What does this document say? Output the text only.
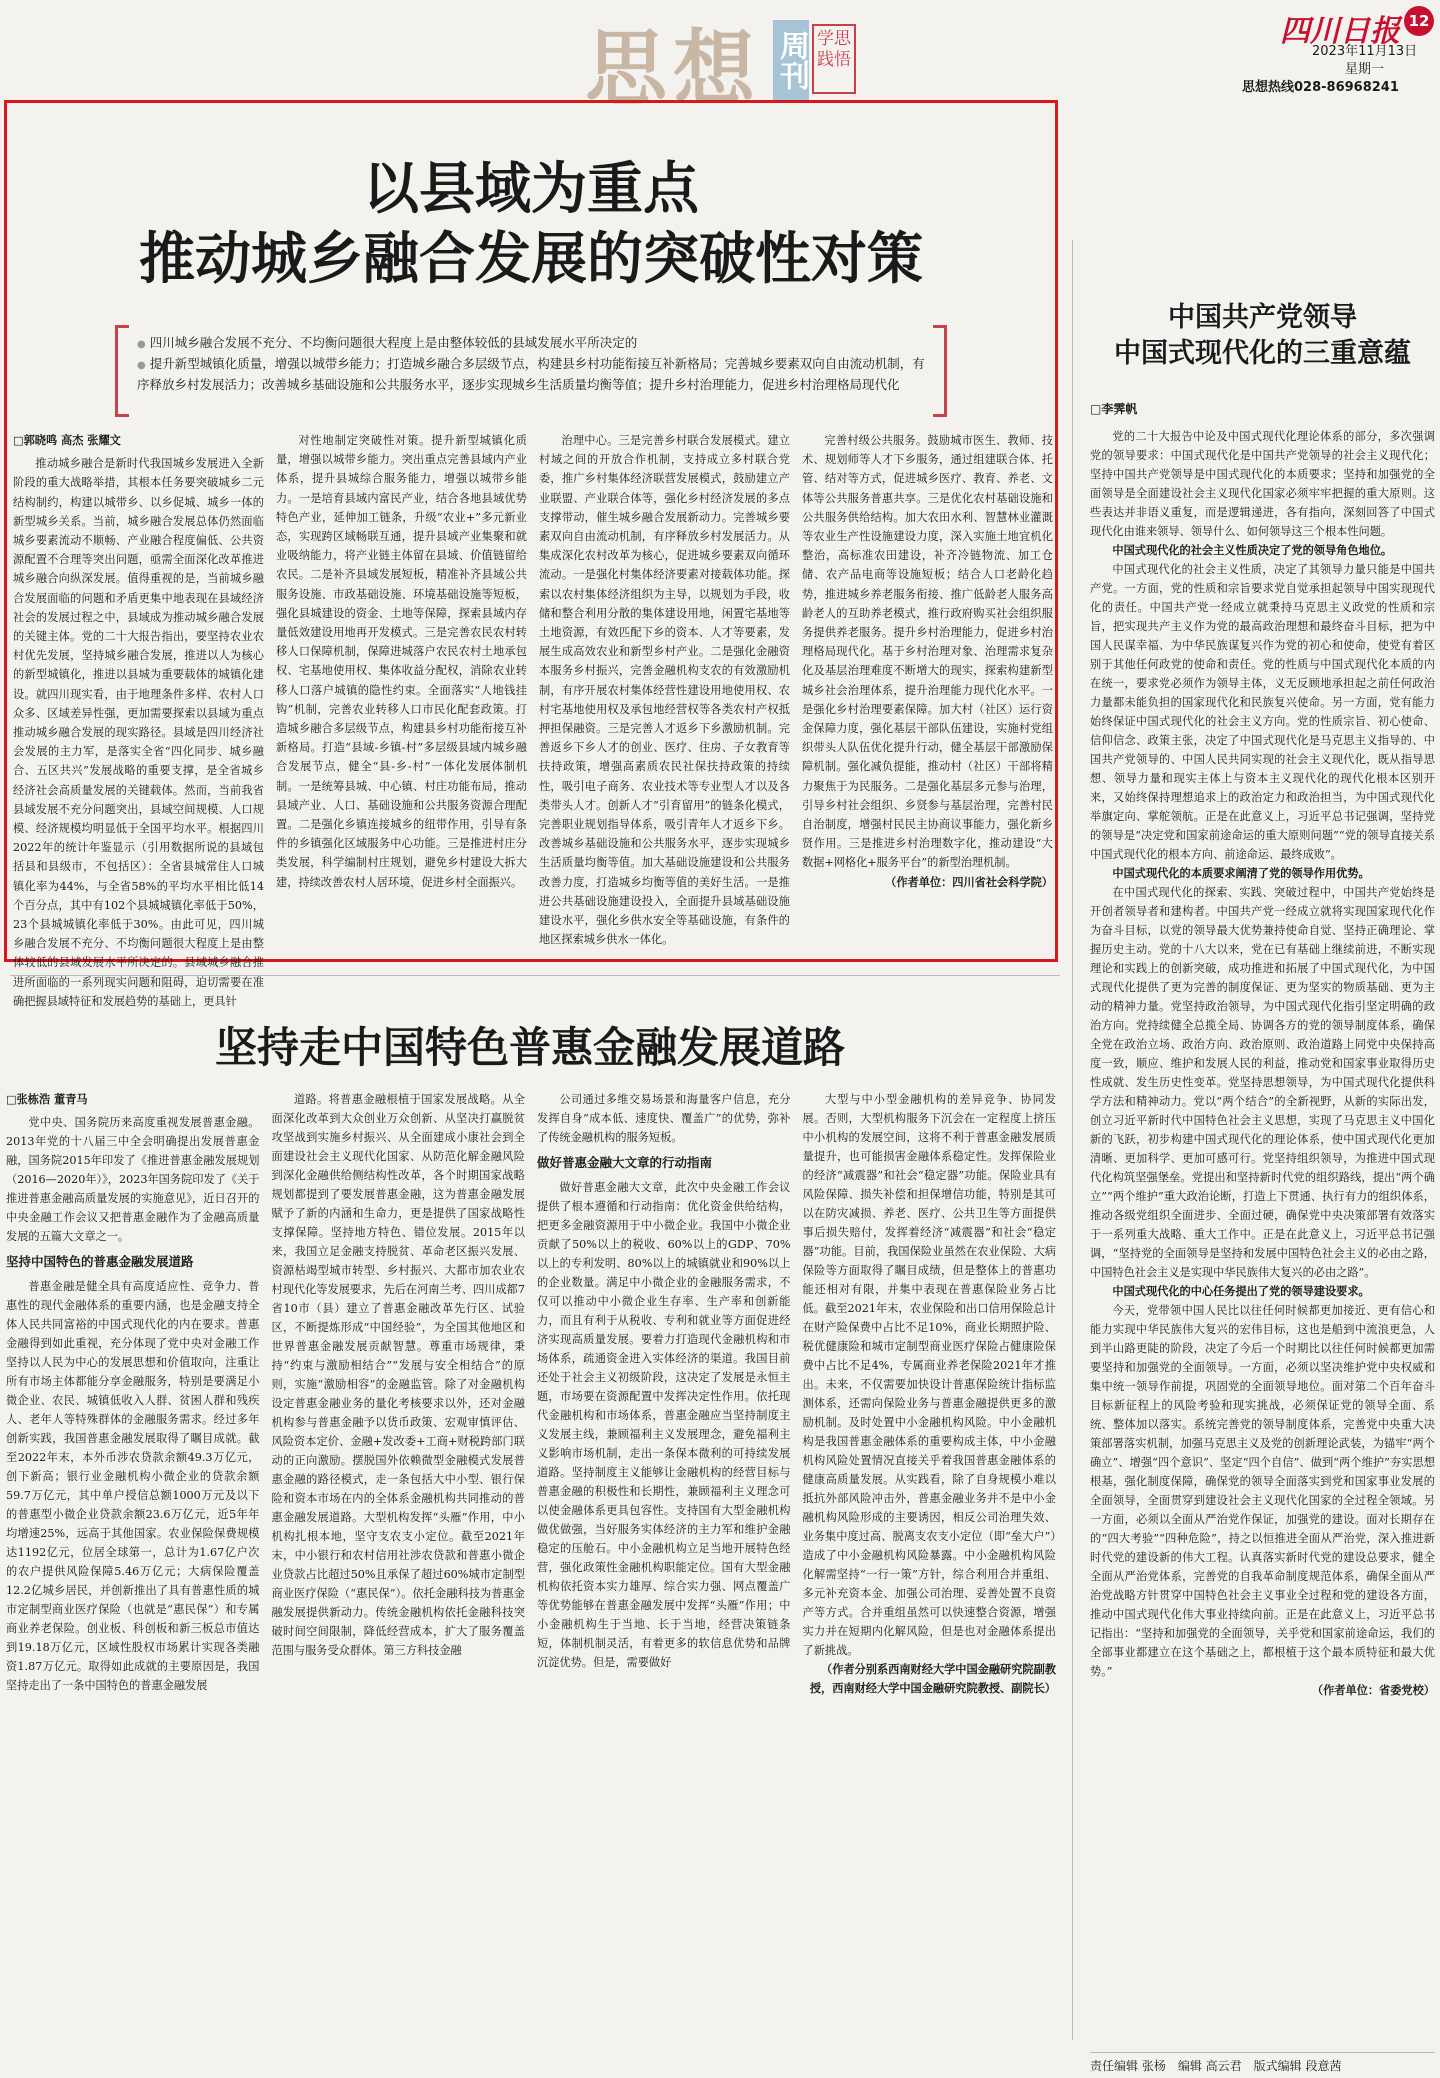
思想 周刊 学思践悟
四川日报 12
2023年11月13日
星期一
思想热线028-86968241
以县域为重点
推动城乡融合发展的突破性对策

● 四川城乡融合发展不充分、不均衡问题很大程度上是由整体较低的县域发展水平所决定的

● 提升新型城镇化质量，增强以城带乡能力；打造城乡融合多层级节点，构建县乡村功能衔接互补新格局；完善城乡要素双向自由流动机制，有序释放乡村发展活力；改善城乡基础设施和公共服务水平，逐步实现城乡生活质量均衡等值；提升乡村治理能力，促进乡村治理格局现代化

□郭晓鸣 高杰 张耀文

推动城乡融合是新时代我国城乡发展进入全新阶段的重大战略举措，其根本任务要突破城乡二元结构制约，构建以城带乡、以乡促城、城乡一体的新型城乡关系。当前，城乡融合发展总体仍然面临城乡要素流动不顺畅、产业融合程度偏低、公共资源配置不合理等突出问题，亟需全面深化改革推进城乡融合向纵深发展。值得重视的是，当前城乡融合发展面临的问题和矛盾更集中地表现在县域经济社会的发展过程之中，县域成为推动城乡融合发展的关键主体。党的二十大报告指出，要坚持农业农村优先发展，坚持城乡融合发展，推进以人为核心的新型城镇化，推进以县城为重要载体的城镇化建设。就四川现实看，由于地理条件多样、农村人口众多、区域差异性强，更加需要探索以县域为重点推动城乡融合发展的现实路径。县域是四川经济社会发展的主力军，是落实全省“四化同步、城乡融合、五区共兴”发展战略的重要支撑，是全省城乡经济社会高质量发展的关键载体。然而，当前我省县域发展不充分问题突出，县域空间规模、人口规模、经济规模均明显低于全国平均水平。根据四川2022年的统计年鉴显示（引用数据所说的县域包括县和县级市，不包括区）：全省县城常住人口城镇化率为44%，与全省58%的平均水平相比低14个百分点，其中有102个县城城镇化率低于50%，23个县城城镇化率低于30%。由此可见，四川城乡融合发展不充分、不均衡问题很大程度上是由整体较低的县域发展水平所决定的。县域城乡融合推进所面临的一系列现实问题和阻碍，迫切需要在准确把握县域特征和发展趋势的基础上，更具针

对性地制定突破性对策。提升新型城镇化质量，增强以城带乡能力。突出重点完善县域内产业体系，提升县城综合服务能力，增强以城带乡能力。一是培育县域内富民产业，结合各地县域优势特色产业，延伸加工链条，升级“农业+”多元新业态，实现跨区域畅联互通，提升县域产业集聚和就业吸纳能力，将产业链主体留在县域、价值链留给农民。二是补齐县域发展短板，精准补齐县域公共服务设施、市政基础设施、环境基础设施等短板，强化县城建设的资金、土地等保障，探索县域内存量低效建设用地再开发模式。三是完善农民农村转移人口保障机制，保障进城落户农民农村土地承包权、宅基地使用权、集体收益分配权，消除农业转移人口落户城镇的隐性约束。全面落实“人地钱挂钩”机制，完善农业转移人口市民化配套政策。打造城乡融合多层级节点，构建县乡村功能衔接互补新格局。打造“县域-乡镇-村”多层级县域内城乡融合发展节点，健全“县-乡-村”一体化发展体制机制。一是统筹县城、中心镇、村庄功能布局，推动县域产业、人口、基础设施和公共服务资源合理配置。二是强化乡镇连接城乡的纽带作用，引导有条件的乡镇强化区域服务中心功能。三是推进村庄分类发展，科学编制村庄规划，避免乡村建设大拆大建，持续改善农村人居环境，促进乡村全面振兴。

治理中心。三是完善乡村联合发展模式。建立村域之间的开放合作机制，支持成立多村联合党委，推广乡村集体经济联营发展模式，鼓励建立产业联盟、产业联合体等，强化乡村经济发展的多点支撑带动，催生城乡融合发展新动力。完善城乡要素双向自由流动机制，有序释放乡村发展活力。从集成深化农村改革为核心，促进城乡要素双向循环流动。一是强化村集体经济要素对接载体功能。探索以农村集体经济组织为主导，以规划为手段，收储和整合利用分散的集体建设用地，闲置宅基地等土地资源，有效匹配下乡的资本、人才等要素，发展生成高效农业和新型乡村产业。二是强化金融资本服务乡村振兴，完善金融机构支农的有效激励机制，有序开展农村集体经营性建设用地使用权、农村宅基地使用权及承包地经营权等各类农村产权抵押担保融资。三是完善人才返乡下乡激励机制。完善返乡下乡人才的创业、医疗、住房、子女教育等扶持政策，增强高素质农民社保扶持政策的持续性，吸引电子商务、农业技术等专业型人才以及各类带头人才。创新人才“引育留用”的链条化模式，完善职业规划指导体系，吸引青年人才返乡下乡。改善城乡基础设施和公共服务水平，逐步实现城乡生活质量均衡等值。加大基础设施建设和公共服务改善力度，打造城乡均衡等值的美好生活。一是推进公共基础设施建设投入，全面提升县域基础设施建设水平，强化乡供水安全等基础设施，有条件的地区探索城乡供水一体化。

完善村级公共服务。鼓励城市医生、教师、技术、规划师等人才下乡服务，通过组建联合体、托管、结对等方式，促进城乡医疗、教育、养老、文体等公共服务普惠共享。三是优化农村基础设施和公共服务供给结构。加大农田水利、智慧林业灌溉等农业生产性设施建设力度，深入实施土地宜机化整治，高标准农田建设，补齐冷链物流、加工仓储、农产品电商等设施短板；结合人口老龄化趋势，推进城乡养老服务衔接、推广低龄老人服务高龄老人的互助养老模式，推行政府购买社会组织服务提供养老服务。提升乡村治理能力，促进乡村治理格局现代化。基于乡村治理对象、治理需求复杂化及基层治理难度不断增大的现实，探索构建新型城乡社会治理体系，提升治理能力现代化水平。一是强化乡村治理要素保障。加大村（社区）运行资金保障力度，强化基层干部队伍建设，实施村党组织带头人队伍优化提升行动，健全基层干部激励保障机制。强化减负提能，推动村（社区）干部将精力聚焦于为民服务。二是强化基层多元参与治理，引导乡村社会组织、乡贤参与基层治理，完善村民自治制度，增强村民民主协商议事能力，强化新乡贤作用。三是推进乡村治理数字化，推动建设“大数据+网格化+服务平台”的新型治理机制。

（作者单位：四川省社会科学院）

坚持走中国特色普惠金融发展道路

□张栋浩 董青马

党中央、国务院历来高度重视发展普惠金融。2013年党的十八届三中全会明确提出发展普惠金融，国务院2015年印发了《推进普惠金融发展规划（2016—2020年）》，2023年国务院印发了《关于推进普惠金融高质量发展的实施意见》，近日召开的中央金融工作会议又把普惠金融作为了金融高质量发展的五篇大文章之一。

坚持中国特色的普惠金融发展道路

普惠金融是健全具有高度适应性、竞争力、普惠性的现代金融体系的重要内涵，也是金融支持全体人民共同富裕的中国式现代化的内在要求。普惠金融得到如此重视，充分体现了党中央对金融工作坚持以人民为中心的发展思想和价值取向，注重让所有市场主体都能分享金融服务，特别是要满足小微企业、农民、城镇低收入人群、贫困人群和残疾人、老年人等特殊群体的金融服务需求。经过多年创新实践，我国普惠金融发展取得了瞩目成就。截至2022年末，本外币涉农贷款余额49.3万亿元，创下新高；银行业金融机构小微企业的贷款余额59.7万亿元，其中单户授信总额1000万元及以下的普惠型小微企业贷款余额23.6万亿元，近5年年均增速25%，远高于其他国家。农业保险保费规模达1192亿元，位居全球第一，总计为1.67亿户次的农户提供风险保障5.46万亿元；大病保险覆盖12.2亿城乡居民，并创新推出了具有普惠性质的城市定制型商业医疗保险（也就是“惠民保”）和专属商业养老保险。创业板、科创板和新三板总市值达到19.18万亿元，区域性股权市场累计实现各类融资1.87万亿元。取得如此成就的主要原因是，我国坚持走出了一条中国特色的普惠金融发展

道路。将普惠金融根植于国家发展战略。从全面深化改革到大众创业万众创新、从坚决打赢脱贫攻坚战到实施乡村振兴、从全面建成小康社会到全面建设社会主义现代化国家、从防范化解金融风险到深化金融供给侧结构性改革，各个时期国家战略规划都提到了要发展普惠金融，这为普惠金融发展赋予了新的内涵和生命力，更是提供了国家战略性支撑保障。坚持地方特色、错位发展。2015年以来，我国立足金融支持脱贫、革命老区振兴发展、资源枯竭型城市转型、乡村振兴、大都市加农业农村现代化等发展要求，先后在河南兰考、四川成都7省10市（县）建立了普惠金融改革先行区、试验区，不断提炼形成“中国经验”，为全国其他地区和世界普惠金融发展贡献智慧。尊重市场规律，秉持“约束与激励相结合”“发展与安全相结合”的原则，实施“激励相容”的金融监管。除了对金融机构设定普惠金融业务的量化考核要求以外，还对金融机构参与普惠金融予以货币政策、宏观审慎评估、风险资本定价、金融+发改委+工商+财税跨部门联动的正向激励。摆脱国外依赖微型金融模式发展普惠金融的路径模式，走一条包括大中小型、银行保险和资本市场在内的全体系金融机构共同推动的普惠金融发展道路。大型机构发挥“头雁”作用，中小机构扎根本地，坚守支农支小定位。截至2021年末，中小银行和农村信用社涉农贷款和普惠小微企业贷款占比超过50%且承保了超过60%城市定制型商业医疗保险（“惠民保”）。依托金融科技为普惠金融发展提供新动力。传统金融机构依托金融科技突破时间空间限制，降低经营成本，扩大了服务覆盖范围与服务受众群体。第三方科技金融

公司通过多维交易场景和海量客户信息，充分发挥自身“成本低、速度快、覆盖广”的优势，弥补了传统金融机构的服务短板。

做好普惠金融大文章的行动指南

做好普惠金融大文章，此次中央金融工作会议提供了根本遵循和行动指南：优化资金供给结构，把更多金融资源用于中小微企业。我国中小微企业贡献了50%以上的税收、60%以上的GDP、70%以上的专利发明、80%以上的城镇就业和90%以上的企业数量。满足中小微企业的金融服务需求，不仅可以推动中小微企业生存率、生产率和创新能力，而且有利于从税收、专利和就业等方面促进经济实现高质量发展。要着力打造现代金融机构和市场体系，疏通资金进入实体经济的渠道。我国目前还处于社会主义初级阶段，这决定了发展是永恒主题，市场要在资源配置中发挥决定性作用。依托现代金融机构和市场体系，普惠金融应当坚持制度主义发展主线，兼顾福利主义发展理念，避免福利主义影响市场机制，走出一条保本微利的可持续发展道路。坚持制度主义能够让金融机构的经营目标与普惠金融的积极性和长期性，兼顾福利主义理念可以使金融体系更具包容性。支持国有大型金融机构做优做强，当好服务实体经济的主力军和维护金融稳定的压舱石。中小金融机构立足当地开展特色经营，强化政策性金融机构职能定位。国有大型金融机构依托资本实力雄厚、综合实力强、网点覆盖广等优势能够在普惠金融发展中发挥“头雁”作用；中小金融机构生于当地、长于当地，经营决策链条短，体制机制灵活，有着更多的软信息优势和品牌沉淀优势。但是，需要做好

大型与中小型金融机构的差异竞争、协同发展。否则，大型机构服务下沉会在一定程度上挤压中小机构的发展空间，这将不利于普惠金融发展质量提升，也可能损害金融体系稳定性。发挥保险业的经济“减震器”和社会“稳定器”功能。保险业具有风险保障、损失补偿和担保增信功能，特别是其可以在防灾减损、养老、医疗、公共卫生等方面提供事后损失赔付，发挥着经济“减震器”和社会“稳定器”功能。目前，我国保险业虽然在农业保险、大病保险等方面取得了瞩目成绩，但是整体上的普惠功能还相对有限，并集中表现在普惠保险业务占比低。截至2021年末，农业保险和出口信用保险总计在财产险保费中占比不足10%，商业长期照护险、税优健康险和城市定制型商业医疗保险占健康险保费中占比不足4%，专属商业养老保险2021年才推出。未来，不仅需要加快设计普惠保险统计指标监测体系，还需向保险业务与普惠金融提供更多的激励机制。及时处置中小金融机构风险。中小金融机构是我国普惠金融体系的重要构成主体，中小金融机构风险处置情况直接关乎着我国普惠金融体系的健康高质量发展。从实践看，除了自身规模小难以抵抗外部风险冲击外，普惠金融业务并不是中小金融机构风险形成的主要诱因，相反公司治理失效、业务集中度过高、脱离支农支小定位（即“垒大户”）造成了中小金融机构风险暴露。中小金融机构风险化解需坚持“一行一策”方针，综合利用合并重组、多元补充资本金、加强公司治理、妥善处置不良资产等方式。合并重组虽然可以快速整合资源，增强实力并在短期内化解风险，但是也对金融体系提出了新挑战。

（作者分别系西南财经大学中国金融研究院副教授，西南财经大学中国金融研究院教授、副院长）

中国共产党领导
中国式现代化的三重意蕴
□李霁帆

党的二十大报告中论及中国式现代化理论体系的部分，多次强调党的领导要求：中国式现代化是中国共产党领导的社会主义现代化；坚持中国共产党领导是中国式现代化的本质要求；坚持和加强党的全面领导是全面建设社会主义现代化国家必须牢牢把握的重大原则。这些表达并非语义重复，而是逻辑递进，各有指向，深刻回答了中国式现代化由谁来领导、领导什么、如何领导这三个根本性问题。

中国式现代化的社会主义性质决定了党的领导角色地位。

中国式现代化的社会主义性质，决定了其领导力量只能是中国共产党。一方面，党的性质和宗旨要求党自觉承担起领导中国实现现代化的责任。中国共产党一经成立就秉持马克思主义政党的性质和宗旨，把实现共产主义作为党的最高政治理想和最终奋斗目标，把为中国人民谋幸福、为中华民族谋复兴作为党的初心和使命，使党有着区别于其他任何政党的使命和责任。党的性质与中国式现代化本质的内在统一，要求党必须作为领导主体，义无反顾地承担起之前任何政治力量都未能负担的国家现代化和民族复兴使命。另一方面，党有能力始终保证中国式现代化的社会主义方向。党的性质宗旨、初心使命、信仰信念、政策主张，决定了中国式现代化是马克思主义指导的、中国共产党领导的、中国人民共同实现的社会主义现代化，既从指导思想、领导力量和现实主体上与资本主义现代化的现代化根本区别开来，又始终保持理想追求上的政治定力和政治担当，为中国式现代化举旗定向、掌舵领航。正是在此意义上，习近平总书记强调，坚持党的领导是“决定党和国家前途命运的重大原则问题”“党的领导直接关系中国式现代化的根本方向、前途命运、最终成败”。

中国式现代化的本质要求阐清了党的领导作用优势。

在中国式现代化的探索、实践、突破过程中，中国共产党始终是开创者领导者和建构者。中国共产党一经成立就将实现国家现代化作为奋斗目标，以党的领导最大优势兼持使命自觉、坚持正确理论、掌握历史主动。党的十八大以来，党在已有基础上继续前进，不断实现理论和实践上的创新突破，成功推进和拓展了中国式现代化，为中国式现代化提供了更为完善的制度保证、更为坚实的物质基础、更为主动的精神力量。党坚持政治领导，为中国式现代化指引坚定明确的政治方向。党持续健全总揽全局、协调各方的党的领导制度体系，确保全党在政治立场、政治方向、政治原则、政治道路上同党中央保持高度一致，顺应、维护和发展人民的利益，推动党和国家事业取得历史性成就、发生历史性变革。党坚持思想领导，为中国式现代化提供科学方法和精神动力。党以“两个结合”的全新视野，从新的实际出发，创立习近平新时代中国特色社会主义思想，实现了马克思主义中国化新的飞跃，初步构建中国式现代化的理论体系，使中国式现代化更加清晰、更加科学、更加可感可行。党坚持组织领导，为推进中国式现代化构筑坚强堡垒。党提出和坚持新时代党的组织路线，提出“两个确立”“两个维护”重大政治论断，打造上下贯通、执行有力的组织体系，推动各级党组织全面进步、全面过硬，确保党中央决策部署有效落实于一系列重大战略、重大工作中。正是在此意义上，习近平总书记强调，“坚持党的全面领导是坚持和发展中国特色社会主义的必由之路，中国特色社会主义是实现中华民族伟大复兴的必由之路”。

中国式现代化的中心任务提出了党的领导建设要求。

今天，党带领中国人民比以往任何时候都更加接近、更有信心和能力实现中华民族伟大复兴的宏伟目标，这也是船到中流浪更急，人到半山路更陡的阶段，决定了今后一个时期比以往任何时候都更加需要坚持和加强党的全面领导。一方面，必须以坚决维护党中央权威和集中统一领导作前提，巩固党的全面领导地位。面对第二个百年奋斗目标新征程上的风险考验和现实挑战，必须保证党的领导全面、系统、整体加以落实。系统完善党的领导制度体系，完善党中央重大决策部署落实机制，加强马克思主义及党的创新理论武装，为锚牢“两个确立”、增强“四个意识”、坚定“四个自信”、做到“两个维护”夯实思想根基，强化制度保障，确保党的领导全面落实到党和国家事业发展的全面领导，全面贯穿到建设社会主义现代化国家的全过程全领域。另一方面，必须以全面从严治党作保证，加强党的建设。面对长期存在的“四大考验”“四种危险”，持之以恒推进全面从严治党，深入推进新时代党的建设新的伟大工程。认真落实新时代党的建设总要求，健全全面从严治党体系，完善党的自我革命制度规范体系，确保全面从严治党战略方针贯穿中国特色社会主义事业全过程和党的建设各方面，推动中国式现代化伟大事业持续向前。正是在此意义上，习近平总书记指出：“坚持和加强党的全面领导，关乎党和国家前途命运，我们的全部事业都建立在这个基础之上，都根植于这个最本质特征和最大优势。”

（作者单位：省委党校）

责任编辑 张杨　编辑 高云君　版式编辑 段意茜
